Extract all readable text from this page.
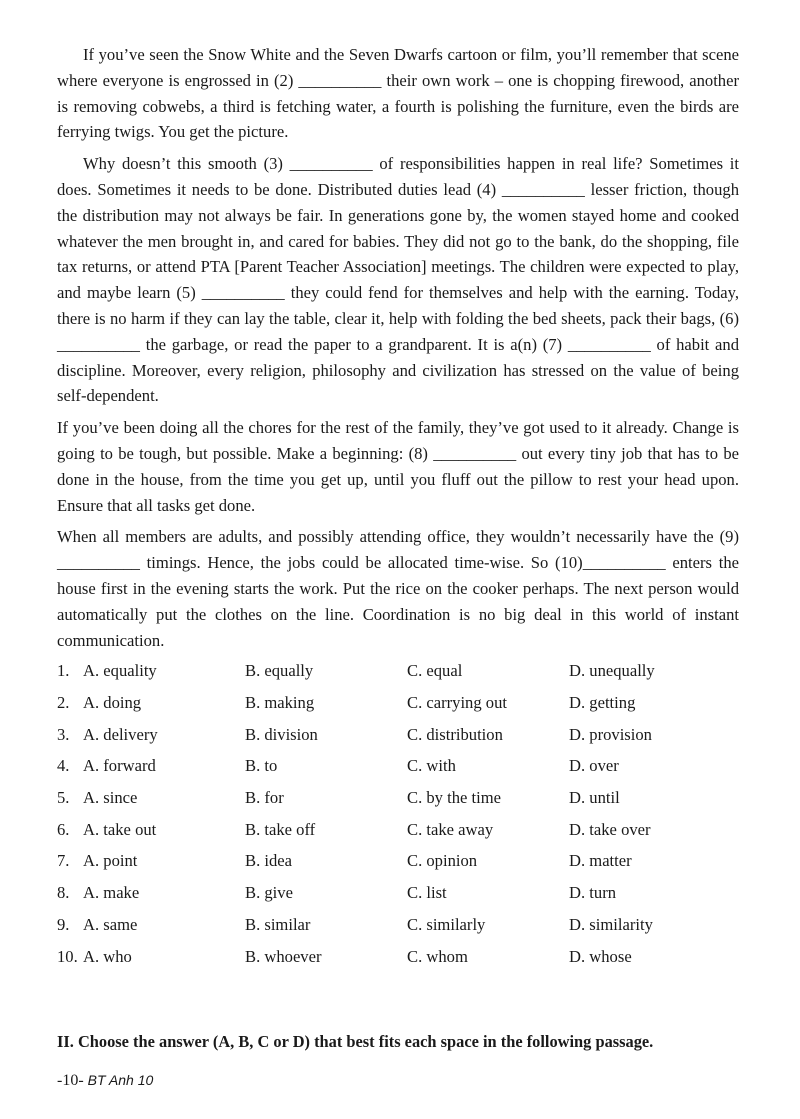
If you’ve seen the Snow White and the Seven Dwarfs cartoon or film, you’ll remember that scene where everyone is engrossed in (2) __________ their own work – one is chopping firewood, another is removing cobwebs, a third is fetching water, a fourth is polishing the furniture, even the birds are ferrying twigs. You get the picture.

Why doesn’t this smooth (3) __________ of responsibilities happen in real life? Sometimes it does. Sometimes it needs to be done. Distributed duties lead (4) __________ lesser friction, though the distribution may not always be fair. In generations gone by, the women stayed home and cooked whatever the men brought in, and cared for babies. They did not go to the bank, do the shopping, file tax returns, or attend PTA [Parent Teacher Association] meetings. The children were expected to play, and maybe learn (5) __________ they could fend for themselves and help with the earning. Today, there is no harm if they can lay the table, clear it, help with folding the bed sheets, pack their bags, (6) __________ the garbage, or read the paper to a grandparent. It is a(n) (7) __________ of habit and discipline. Moreover, every religion, philosophy and civilization has stressed on the value of being self-dependent.

If you’ve been doing all the chores for the rest of the family, they’ve got used to it already. Change is going to be tough, but possible. Make a beginning: (8) __________ out every tiny job that has to be done in the house, from the time you get up, until you fluff out the pillow to rest your head upon. Ensure that all tasks get done.

When all members are adults, and possibly attending office, they wouldn’t necessarily have the (9) __________ timings. Hence, the jobs could be allocated time-wise. So (10)__________ enters the house first in the evening starts the work. Put the rice on the cooker perhaps. The next person would automatically put the clothes on the line. Coordination is no big deal in this world of instant communication.

1. A. equality	B. equally	C. equal	D. unequally
2. A. doing	B. making	C. carrying out	D. getting
3. A. delivery	B. division	C. distribution	D. provision
4. A. forward	B. to	C. with	D. over
5. A. since	B. for	C. by the time	D. until
6. A. take out	B. take off	C. take away	D. take over
7. A. point	B. idea	C. opinion	D. matter
8. A. make	B. give	C. list	D. turn
9. A. same	B. similar	C. similarly	D. similarity
10. A. who	B. whoever	C. whom	D. whose
II. Choose the answer (A, B, C or D) that best fits each space in the following passage.
-10- BT Anh 10
